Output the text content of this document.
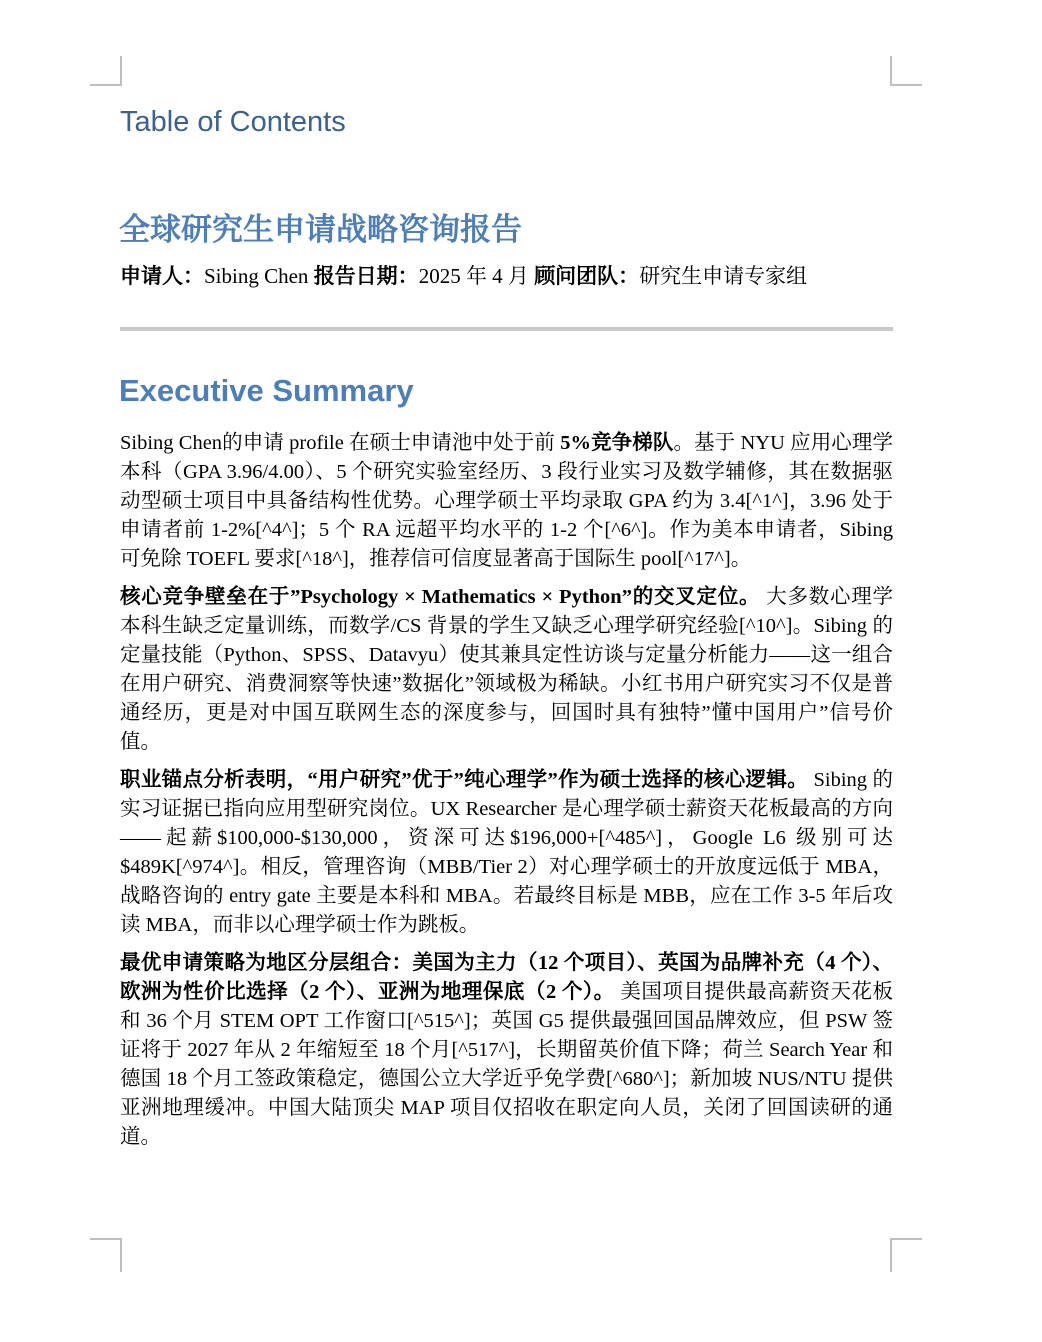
Table of Contents
全球研究生申请战略咨询报告

申请人：Sibing Chen 报告日期：2025 年 4 月 顾问团队：研究生申请专家组

Executive Summary

Sibing Chen的申请 profile 在硕士申请池中处于前 5%竞争梯队。基于 NYU 应用心理学本科（GPA 3.96/4.00）、5 个研究实验室经历、3 段行业实习及数学辅修，其在数据驱动型硕士项目中具备结构性优势。心理学硕士平均录取 GPA 约为 3.4[^1^]，3.96 处于申请者前 1-2%[^4^]；5 个 RA 远超平均水平的 1-2 个[^6^]。作为美本申请者，Sibing 可免除 TOEFL 要求[^18^]，推荐信可信度显著高于国际生 pool[^17^]。

核心竞争壁垒在于”Psychology × Mathematics × Python”的交叉定位。 大多数心理学本科生缺乏定量训练，而数学/CS 背景的学生又缺乏心理学研究经验[^10^]。Sibing 的定量技能（Python、SPSS、Datavyu）使其兼具定性访谈与定量分析能力——这一组合在用户研究、消费洞察等快速”数据化”领域极为稀缺。小红书用户研究实习不仅是普通经历，更是对中国互联网生态的深度参与，回国时具有独特”懂中国用户”信号价值。

职业锚点分析表明，“用户研究”优于”纯心理学”作为硕士选择的核心逻辑。 Sibing 的实习证据已指向应用型研究岗位。UX Researcher 是心理学硕士薪资天花板最高的方向——起薪$100,000-$130,000，资深可达$196,000+[^485^]，Google L6 级别可达$489K[^974^]。相反，管理咨询（MBB/Tier 2）对心理学硕士的开放度远低于 MBA，战略咨询的 entry gate 主要是本科和 MBA。若最终目标是 MBB，应在工作 3-5 年后攻读 MBA，而非以心理学硕士作为跳板。

最优申请策略为地区分层组合：美国为主力（12 个项目）、英国为品牌补充（4 个）、欧洲为性价比选择（2 个）、亚洲为地理保底（2 个）。 美国项目提供最高薪资天花板和 36 个月 STEM OPT 工作窗口[^515^]；英国 G5 提供最强回国品牌效应，但 PSW 签证将于 2027 年从 2 年缩短至 18 个月[^517^]，长期留英价值下降；荷兰 Search Year 和德国 18 个月工签政策稳定，德国公立大学近乎免学费[^680^]；新加坡 NUS/NTU 提供亚洲地理缓冲。中国大陆顶尖 MAP 项目仅招收在职定向人员，关闭了回国读研的通道。
